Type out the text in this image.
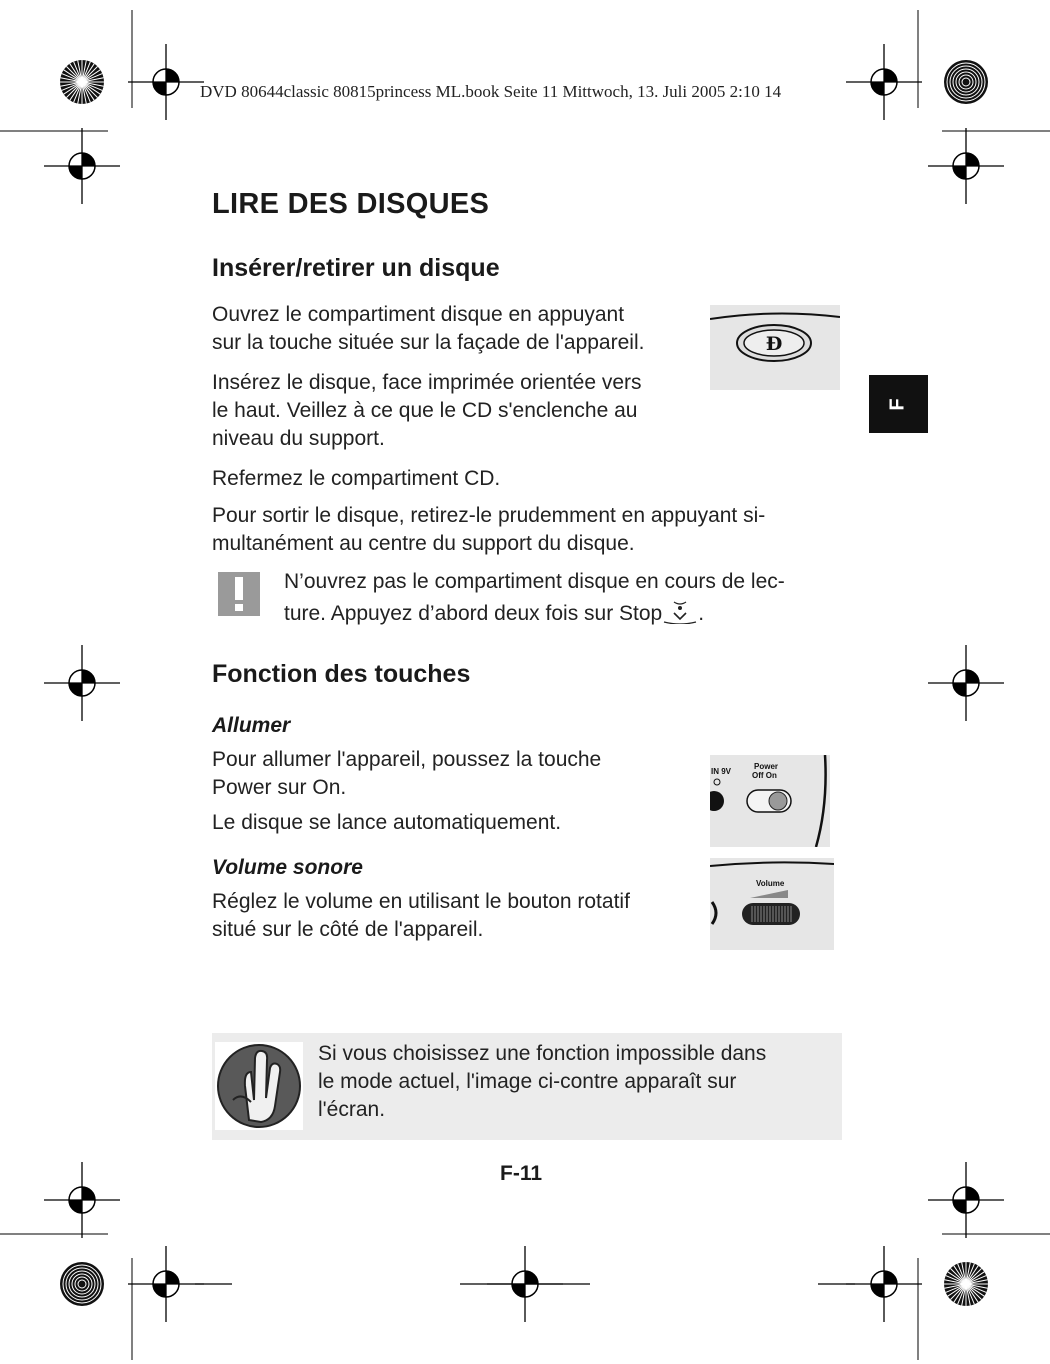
DVD 80644classic 80815princess ML.book Seite 11 Mittwoch, 13. Juli 2005 2:10 14
LIRE DES DISQUES
Insérer/retirer un disque

Ouvrez le compartiment disque en appuyant

sur la touche située sur la façade de l'appareil.

Insérez le disque, face imprimée orientée vers

le haut. Veillez à ce que le CD s'enclenche au

niveau du support.

Refermez le compartiment CD.

Pour sortir le disque, retirez-le prudemment en appuyant si-

multanément au centre du support du disque.

Ð
F

N’ouvrez pas le compartiment disque en cours de lec-

ture. Appuyez d’abord deux fois sur Stop .

Fonction des touches
Allumer

Pour allumer l'appareil, poussez la touche

Power sur On.

Le disque se lance automatiquement.

IN 9V
Power
Off On
Volume sonore

Réglez le volume en utilisant le bouton rotatif

situé sur le côté de l'appareil.

Volume

Si vous choisissez une fonction impossible dans

le mode actuel, l'image ci-contre apparaît sur

l'écran.

F-11
